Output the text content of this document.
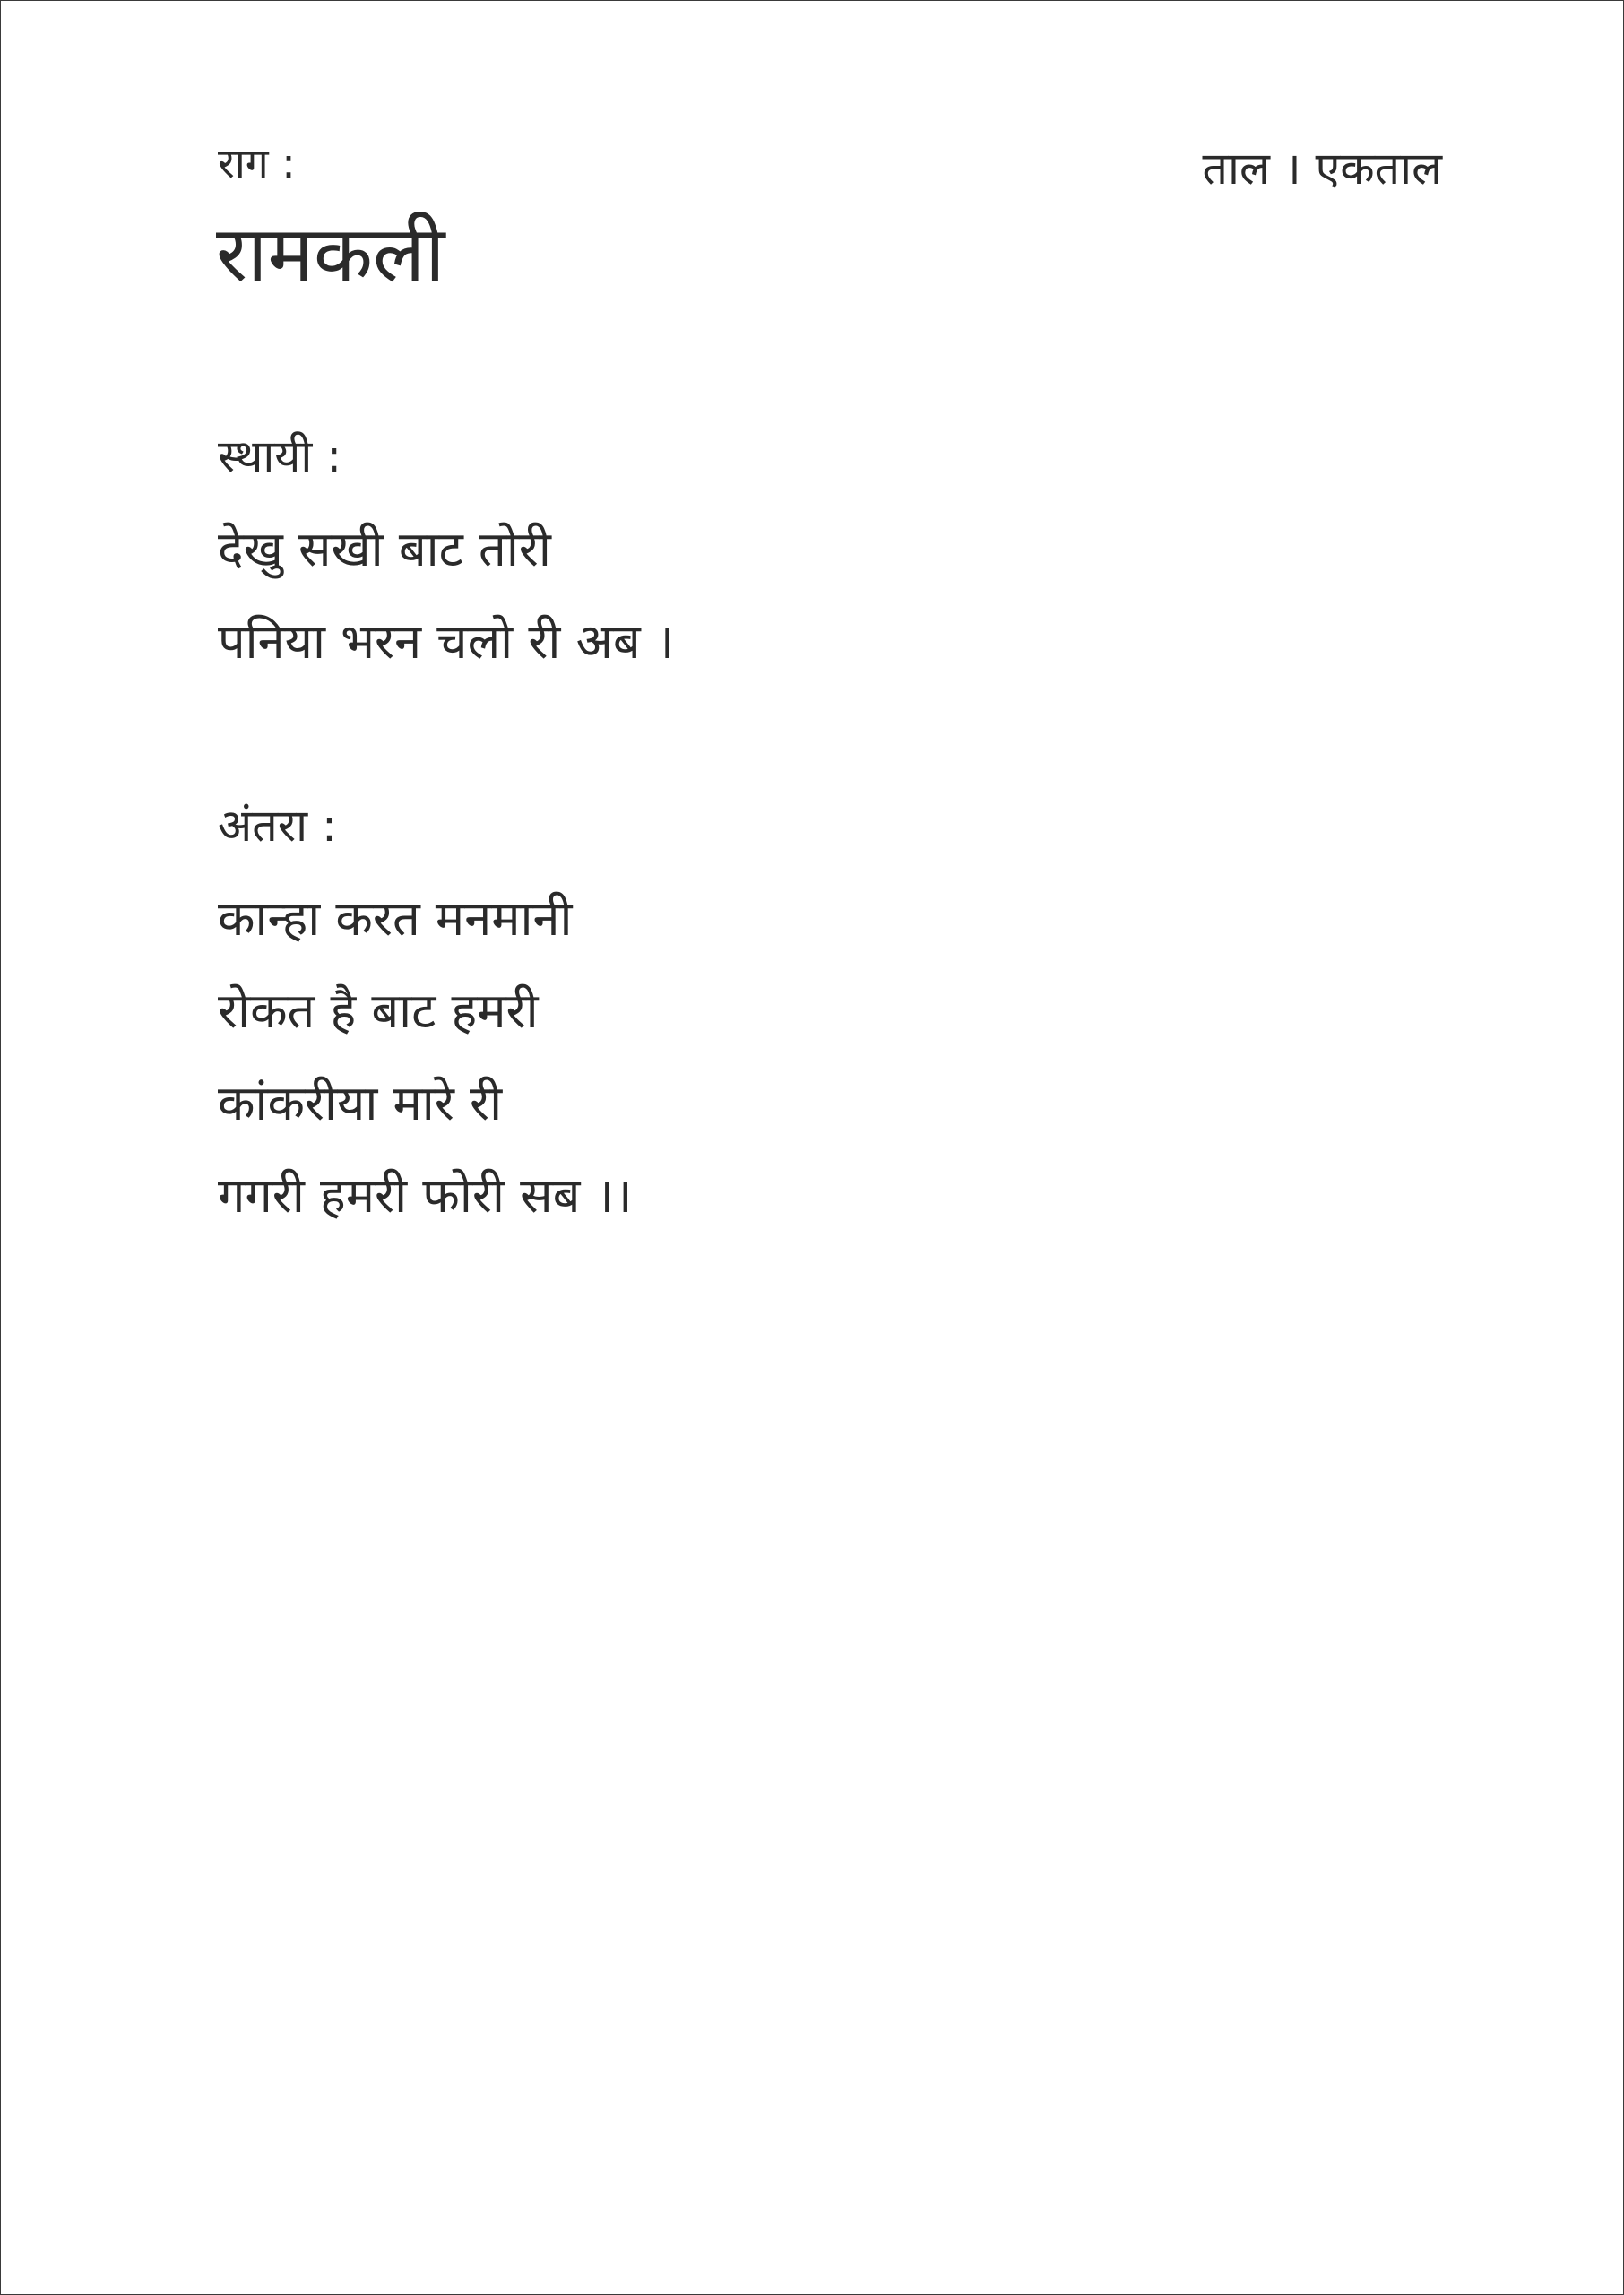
राग :	ताल । एकताल
रामकली
स्थायी :
देखु सखी बाट तोरी
पनिया भरन चलो री अब ।
अंतरा :
कान्हा करत मनमानी
रोकत है बाट हमरी
कांकरीया मारे री
गगरी हमरी फोरी सब ।।
